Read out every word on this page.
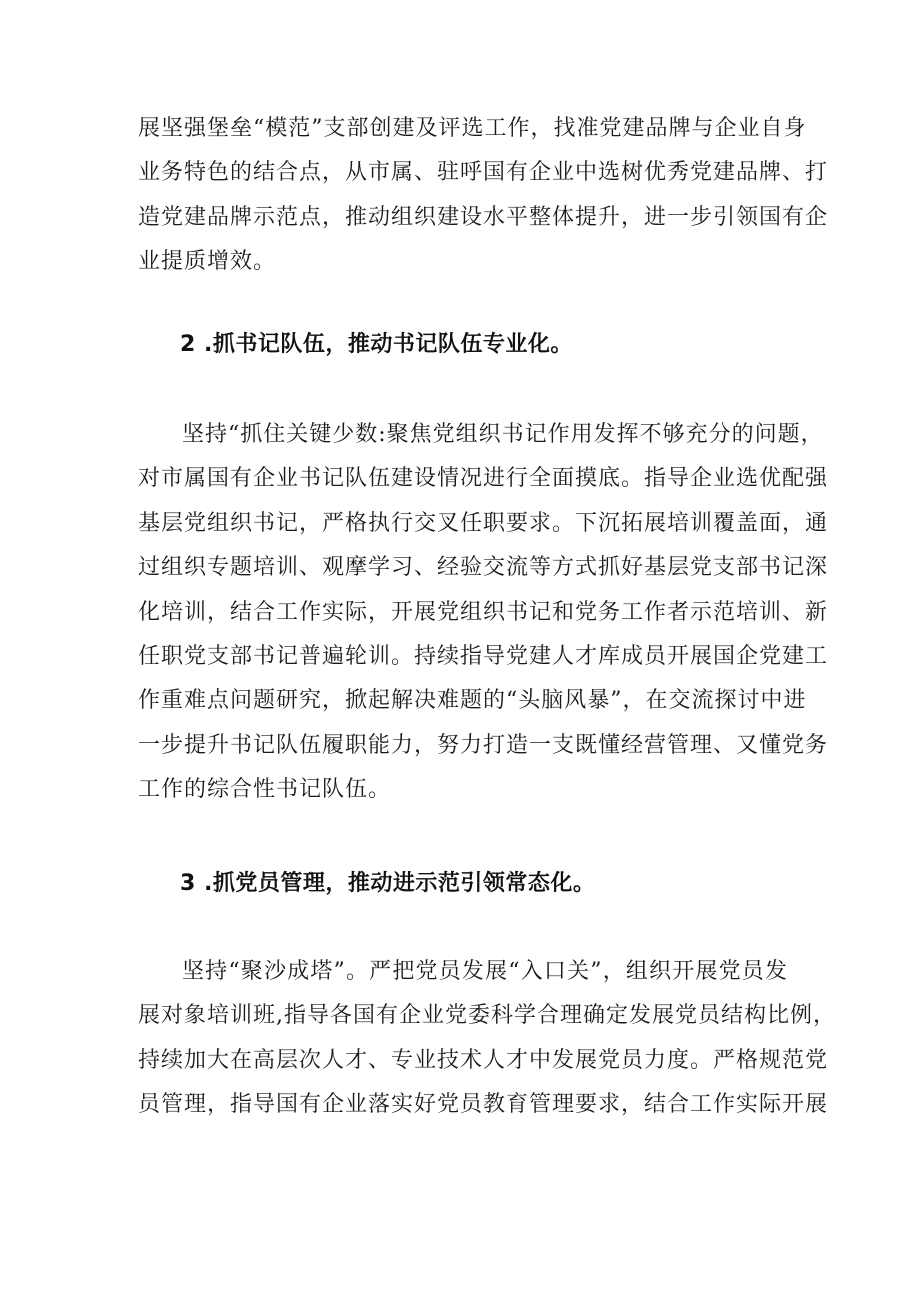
展坚强堡垒“模范”支部创建及评选工作，找准党建品牌与企业自身
业务特色的结合点，从市属、驻呼国有企业中选树优秀党建品牌、打
造党建品牌示范点，推动组织建设水平整体提升，进一步引领国有企
业提质增效。
2 .抓书记队伍，推动书记队伍专业化。
坚持“抓住关键少数:聚焦党组织书记作用发挥不够充分的问题，
对市属国有企业书记队伍建设情况进行全面摸底。指导企业选优配强
基层党组织书记，严格执行交叉任职要求。下沉拓展培训覆盖面，通
过组织专题培训、观摩学习、经验交流等方式抓好基层党支部书记深
化培训，结合工作实际，开展党组织书记和党务工作者示范培训、新
任职党支部书记普遍轮训。持续指导党建人才库成员开展国企党建工
作重难点问题研究，掀起解决难题的“头脑风暴”，在交流探讨中进
一步提升书记队伍履职能力，努力打造一支既懂经营管理、又懂党务
工作的综合性书记队伍。
3 .抓党员管理，推动进示范引领常态化。
坚持“聚沙成塔”。严把党员发展“入口关”，组织开展党员发
展对象培训班,指导各国有企业党委科学合理确定发展党员结构比例，
持续加大在高层次人才、专业技术人才中发展党员力度。严格规范党
员管理，指导国有企业落实好党员教育管理要求，结合工作实际开展
